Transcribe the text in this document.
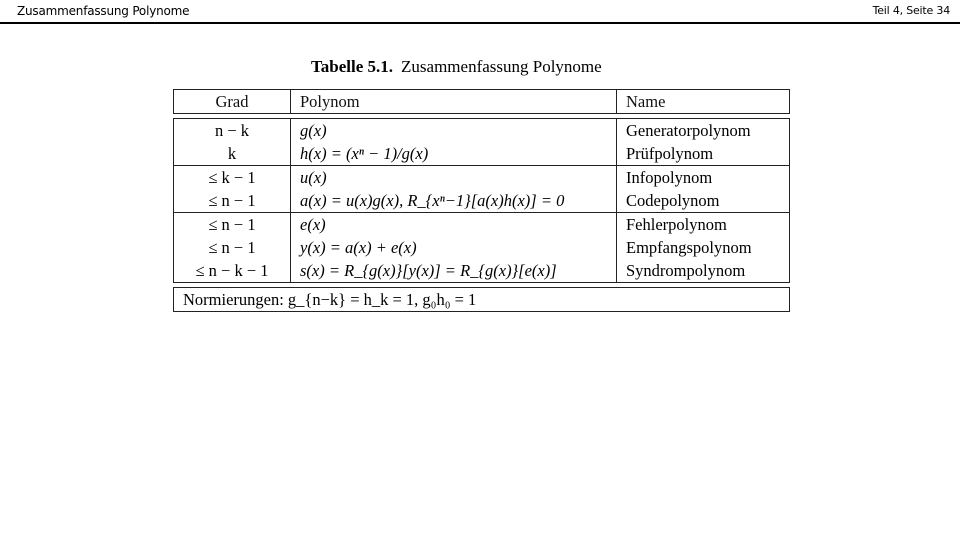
Zusammenfassung Polynome	Teil 4, Seite 34
Tabelle 5.1. Zusammenfassung Polynome
Grad	Polynom	Name
n − k	g(x)	Generatorpolynom
k	h(x) = (xⁿ − 1)/g(x)	Prüfpolynom
≤ k − 1	u(x)	Infopolynom
≤ n − 1	a(x) = u(x)g(x), R_{xⁿ−1}[a(x)h(x)] = 0	Codepolynom
≤ n − 1	e(x)	Fehlerpolynom
≤ n − 1	y(x) = a(x) + e(x)	Empfangspolynom
≤ n − k − 1	s(x) = R_{g(x)}[y(x)] = R_{g(x)}[e(x)]	Syndrompolynom
Normierungen: g_{n−k} = h_k = 1, g₀h₀ = 1
